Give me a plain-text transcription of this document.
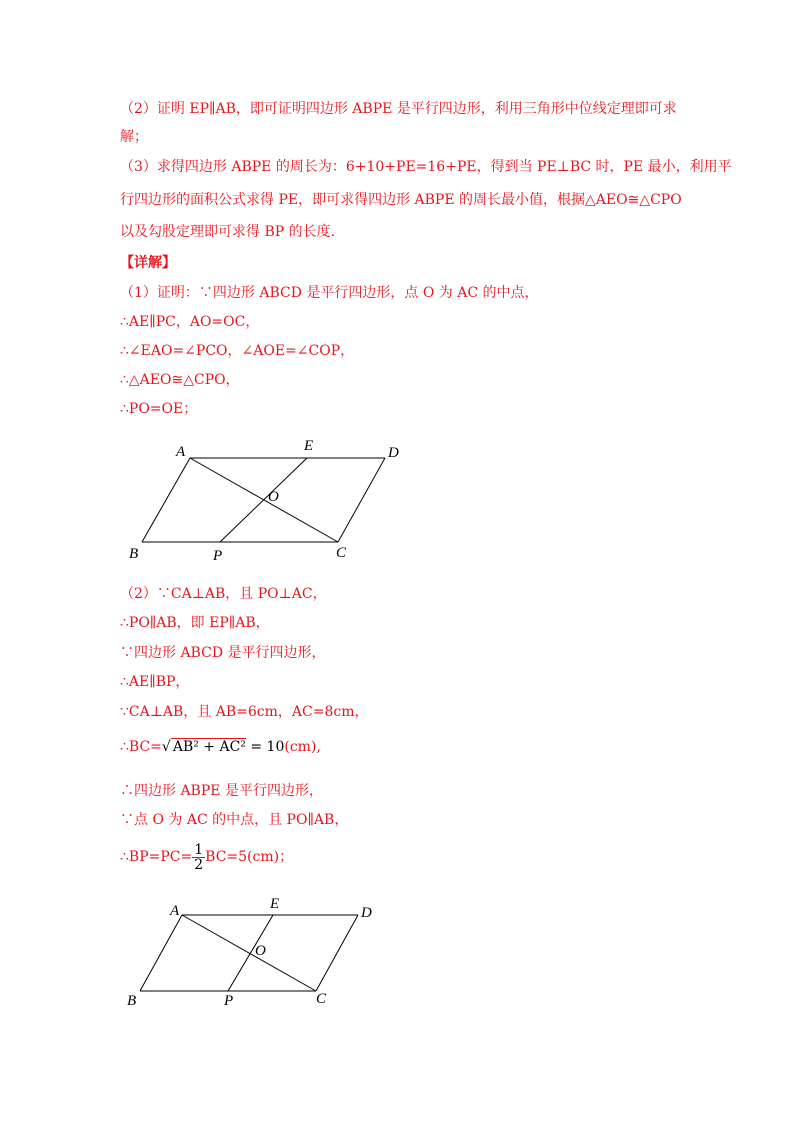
（2）证明 EP∥AB，即可证明四边形 ABPE 是平行四边形，利用三角形中位线定理即可求
解；
（3）求得四边形 ABPE 的周长为：6+10+PE=16+PE，得到当 PE⊥BC 时，PE 最小，利用平
行四边形的面积公式求得 PE，即可求得四边形 ABPE 的周长最小值，根据△AEO≅△CPO
以及勾股定理即可求得 BP 的长度.
【详解】
（1）证明：∵四边形 ABCD 是平行四边形，点 O 为 AC 的中点，
∴AE∥PC，AO=OC，
∴∠EAO=∠PCO，∠AOE=∠COP，
∴△AEO≅△CPO，
∴PO=OE；
A	E	D
O
B	P	C
（2）∵CA⊥AB，且 PO⊥AC，
∴PO∥AB，即 EP∥AB，
∵四边形 ABCD 是平行四边形，
∴AE∥BP，
∵CA⊥AB，且 AB=6cm，AC=8cm，
∴BC=√ AB² + AC² = 10(cm),
∴四边形 ABPE 是平行四边形，
∵点 O 为 AC 的中点，且 PO∥AB，
∴BP=PC= $\frac{1}{2} BC=5(cm)$；
A	E
D
O
B	P	C
